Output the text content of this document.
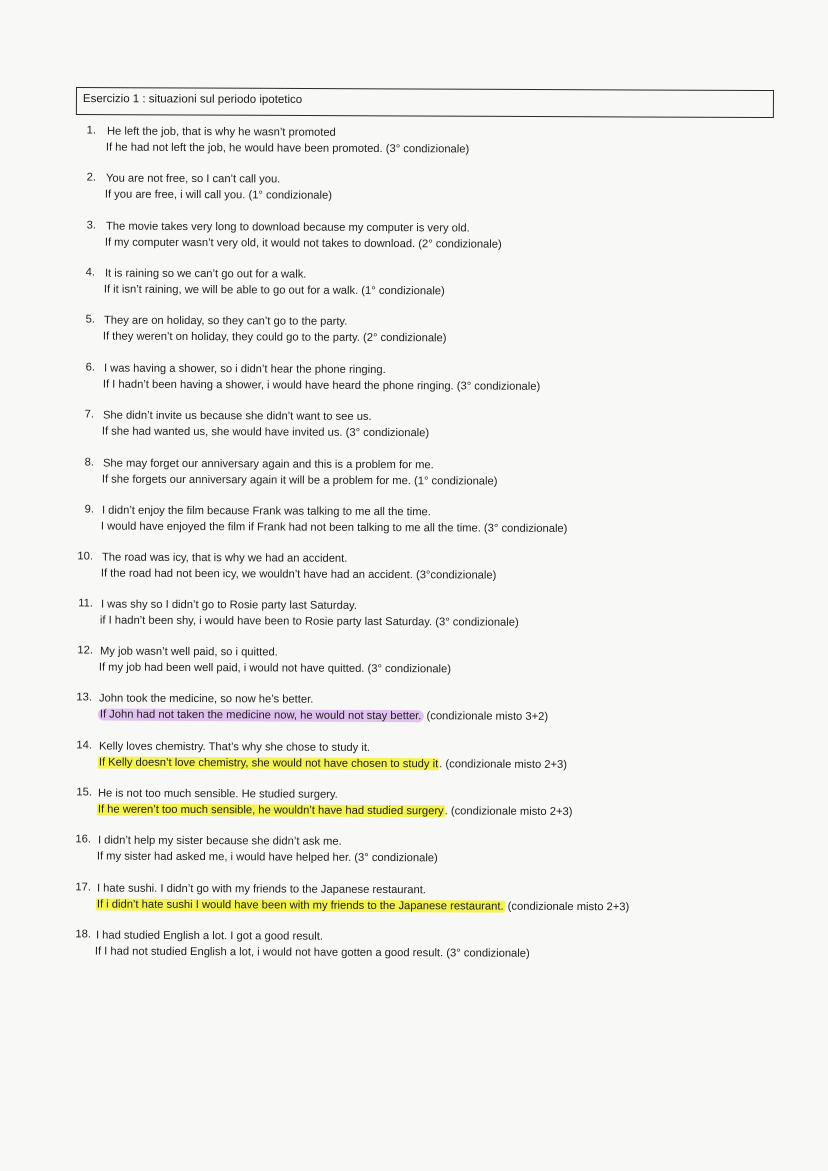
Esercizio 1 : situazioni sul periodo ipotetico
1. He left the job, that is why he wasn’t promoted
If he had not left the job, he would have been promoted. (3° condizionale)
2. You are not free, so I can’t call you.
If you are free, i will call you. (1° condizionale)
3. The movie takes very long to download because my computer is very old.
If my computer wasn’t very old, it would not takes to download. (2° condizionale)
4. It is raining so we can’t go out for a walk.
If it isn’t raining, we will be able to go out for a walk. (1° condizionale)
5. They are on holiday, so they can’t go to the party.
If they weren’t on holiday, they could go to the party. (2° condizionale)
6. I was having a shower, so i didn’t hear the phone ringing.
If I hadn’t been having a shower, i would have heard the phone ringing. (3° condizionale)
7. She didn’t invite us because she didn’t want to see us.
If she had wanted us, she would have invited us. (3° condizionale)
8. She may forget our anniversary again and this is a problem for me.
If she forgets our anniversary again it will be a problem for me. (1° condizionale)
9. I didn’t enjoy the film because Frank was talking to me all the time.
I would have enjoyed the film if Frank had not been talking to me all the time. (3° condizionale)
10. The road was icy, that is why we had an accident.
If the road had not been icy, we wouldn’t have had an accident. (3°condizionale)
11. I was shy so I didn’t go to Rosie party last Saturday.
if I hadn’t been shy, i would have been to Rosie party last Saturday. (3° condizionale)
12. My job wasn’t well paid, so i quitted.
If my job had been well paid, i would not have quitted. (3° condizionale)
13. John took the medicine, so now he’s better.
If John had not taken the medicine now, he would not stay better. (condizionale misto 3+2)
14. Kelly loves chemistry. That’s why she chose to study it.
If Kelly doesn’t love chemistry, she would not have chosen to study it. (condizionale misto 2+3)
15. He is not too much sensible. He studied surgery.
If he weren’t too much sensible, he wouldn’t have had studied surgery. (condizionale misto 2+3)
16. I didn’t help my sister because she didn’t ask me.
If my sister had asked me, i would have helped her. (3° condizionale)
17. I hate sushi. I didn’t go with my friends to the Japanese restaurant.
If i didn’t hate sushi I would have been with my friends to the Japanese restaurant. (condizionale misto 2+3)
18. I had studied English a lot. I got a good result.
If I had not studied English a lot, i would not have gotten a good result. (3° condizionale)
